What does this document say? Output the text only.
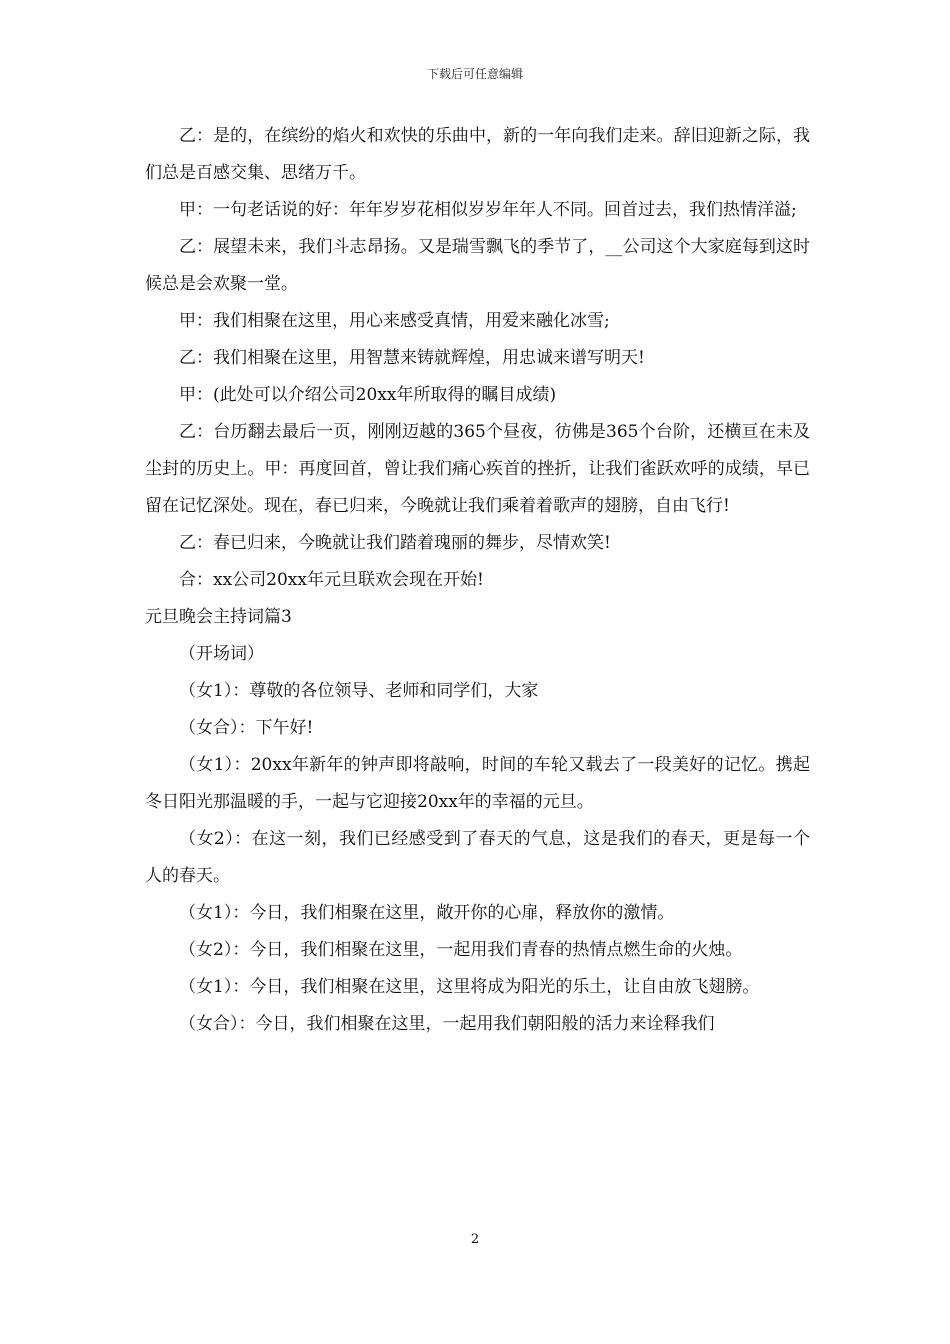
下载后可任意编辑

乙：是的，在缤纷的焰火和欢快的乐曲中，新的一年向我们走来。辞旧迎新之际，我们总是百感交集、思绪万千。

甲：一句老话说的好：年年岁岁花相似岁岁年年人不同。回首过去，我们热情洋溢;

乙：展望未来，我们斗志昂扬。又是瑞雪飘飞的季节了，__公司这个大家庭每到这时候总是会欢聚一堂。

甲：我们相聚在这里，用心来感受真情，用爱来融化冰雪;

乙：我们相聚在这里，用智慧来铸就辉煌，用忠诚来谱写明天!

甲：(此处可以介绍公司20xx年所取得的瞩目成绩)

乙：台历翻去最后一页，刚刚迈越的365个昼夜，彷佛是365个台阶，还横亘在未及尘封的历史上。甲：再度回首，曾让我们痛心疾首的挫折，让我们雀跃欢呼的成绩，早已留在记忆深处。现在，春已归来，今晚就让我们乘着着歌声的翅膀，自由飞行!

乙：春已归来，今晚就让我们踏着瑰丽的舞步，尽情欢笑!

合：xx公司20xx年元旦联欢会现在开始!

元旦晚会主持词篇3

（开场词）

（女1）：尊敬的各位领导、老师和同学们，大家

（女合）：下午好!

（女1）：20xx年新年的钟声即将敲响，时间的车轮又载去了一段美好的记忆。携起冬日阳光那温暖的手，一起与它迎接20xx年的幸福的元旦。

（女2）：在这一刻，我们已经感受到了春天的气息，这是我们的春天，更是每一个人的春天。

（女1）：今日，我们相聚在这里，敞开你的心扉，释放你的激情。

（女2）：今日，我们相聚在这里，一起用我们青春的热情点燃生命的火烛。

（女1）：今日，我们相聚在这里，这里将成为阳光的乐土，让自由放飞翅膀。

（女合）：今日，我们相聚在这里，一起用我们朝阳般的活力来诠释我们

2
